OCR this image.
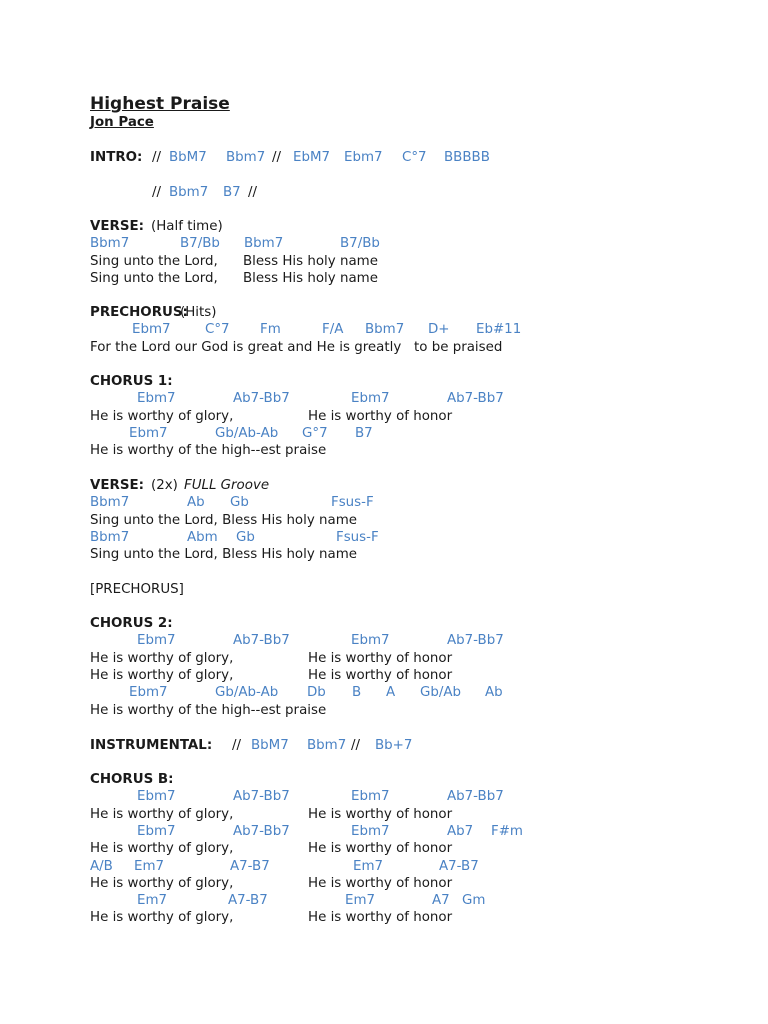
Highest Praise
Jon Pace

INTRO:

//

BbM7

Bbm7

//

EbM7

Ebm7

C°7

BBBBB

//

Bbm7

B7

//

VERSE:

(Half time)

Bbm7

	B7/Bb

Bbm7

	B7/Bb

Sing unto the Lord,

Bless His holy name

Sing unto the Lord,

Bless His holy name

PRECHORUS:

(Hits)

Ebm7

	C°7

Fm

	F/A

Bbm7

D+

Eb#11

For the Lord our God is great and He is greatly   to be praised

CHORUS 1:

Ebm7

	Ab7-Bb7

	Ebm7

	Ab7-Bb7

He is worthy of glory,

	He is worthy of honor

Ebm7

	Gb/Ab-Ab

G°7

B7

He is worthy of the high--est praise

VERSE:

(2x)

FULL Groove

Bbm7

	Ab

Gb

	Fsus-F

Sing unto the Lord, Bless His holy name

Bbm7

	Abm

Gb

	Fsus-F

Sing unto the Lord, Bless His holy name

[PRECHORUS]

CHORUS 2:

Ebm7

	Ab7-Bb7

	Ebm7

	Ab7-Bb7

He is worthy of glory,

	He is worthy of honor

He is worthy of glory,

	He is worthy of honor

Ebm7

	Gb/Ab-Ab

Db

B

A

Gb/Ab

Ab

He is worthy of the high--est praise

INSTRUMENTAL:

//

BbM7

Bbm7

//

Bb+7

CHORUS B:

Ebm7

	Ab7-Bb7

	Ebm7

	Ab7-Bb7

He is worthy of glory,

	He is worthy of honor

Ebm7

	Ab7-Bb7

	Ebm7

	Ab7

F#m

He is worthy of glory,

	He is worthy of honor

A/B

Em7

	A7-B7

	Em7

	A7-B7

He is worthy of glory,

	He is worthy of honor

Em7

	A7-B7

	Em7

	A7

Gm

He is worthy of glory,

	He is worthy of honor
